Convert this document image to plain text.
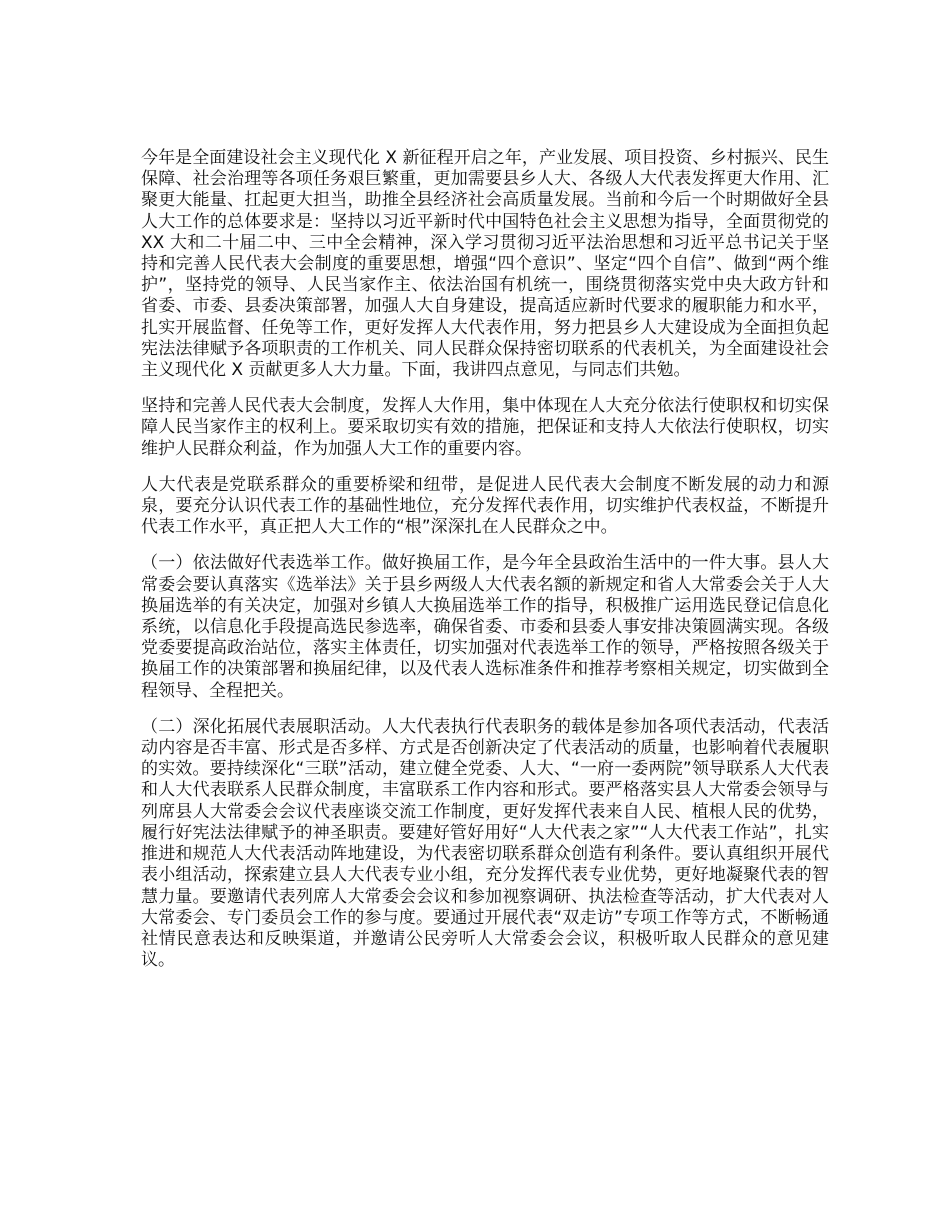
今年是全面建设社会主义现代化 X 新征程开启之年，产业发展、项目投资、乡村振兴、民生保障、社会治理等各项任务艰巨繁重，更加需要县乡人大、各级人大代表发挥更大作用、汇聚更大能量、扛起更大担当，助推全县经济社会高质量发展。当前和今后一个时期做好全县人大工作的总体要求是：坚持以习近平新时代中国特色社会主义思想为指导，全面贯彻党的 XX 大和二十届二中、三中全会精神，深入学习贯彻习近平法治思想和习近平总书记关于坚持和完善人民代表大会制度的重要思想，增强“四个意识”、坚定“四个自信”、做到“两个维护”，坚持党的领导、人民当家作主、依法治国有机统一，围绕贯彻落实党中央大政方针和省委、市委、县委决策部署，加强人大自身建设，提高适应新时代要求的履职能力和水平，扎实开展监督、任免等工作，更好发挥人大代表作用，努力把县乡人大建设成为全面担负起宪法法律赋予各项职责的工作机关、同人民群众保持密切联系的代表机关，为全面建设社会主义现代化 X 贡献更多人大力量。下面，我讲四点意见，与同志们共勉。

坚持和完善人民代表大会制度，发挥人大作用，集中体现在人大充分依法行使职权和切实保障人民当家作主的权利上。要采取切实有效的措施，把保证和支持人大依法行使职权，切实维护人民群众利益，作为加强人大工作的重要内容。

人大代表是党联系群众的重要桥梁和纽带，是促进人民代表大会制度不断发展的动力和源泉，要充分认识代表工作的基础性地位，充分发挥代表作用，切实维护代表权益，不断提升代表工作水平，真正把人大工作的“根”深深扎在人民群众之中。

（一）依法做好代表选举工作。做好换届工作，是今年全县政治生活中的一件大事。县人大常委会要认真落实《选举法》关于县乡两级人大代表名额的新规定和省人大常委会关于人大换届选举的有关决定，加强对乡镇人大换届选举工作的指导，积极推广运用选民登记信息化系统，以信息化手段提高选民参选率，确保省委、市委和县委人事安排决策圆满实现。各级党委要提高政治站位，落实主体责任，切实加强对代表选举工作的领导，严格按照各级关于换届工作的决策部署和换届纪律，以及代表人选标准条件和推荐考察相关规定，切实做到全程领导、全程把关。

（二）深化拓展代表展职活动。人大代表执行代表职务的载体是参加各项代表活动，代表活动内容是否丰富、形式是否多样、方式是否创新决定了代表活动的质量，也影响着代表履职的实效。要持续深化“三联”活动，建立健全党委、人大、“一府一委两院”领导联系人大代表和人大代表联系人民群众制度，丰富联系工作内容和形式。要严格落实县人大常委会领导与列席县人大常委会会议代表座谈交流工作制度，更好发挥代表来自人民、植根人民的优势，履行好宪法法律赋予的神圣职责。要建好管好用好“人大代表之家”“人大代表工作站”，扎实推进和规范人大代表活动阵地建设，为代表密切联系群众创造有利条件。要认真组织开展代表小组活动，探索建立县人大代表专业小组，充分发挥代表专业优势，更好地凝聚代表的智慧力量。要邀请代表列席人大常委会会议和参加视察调研、执法检查等活动，扩大代表对人大常委会、专门委员会工作的参与度。要通过开展代表“双走访”专项工作等方式，不断畅通社情民意表达和反映渠道，并邀请公民旁听人大常委会会议，积极听取人民群众的意见建议。
